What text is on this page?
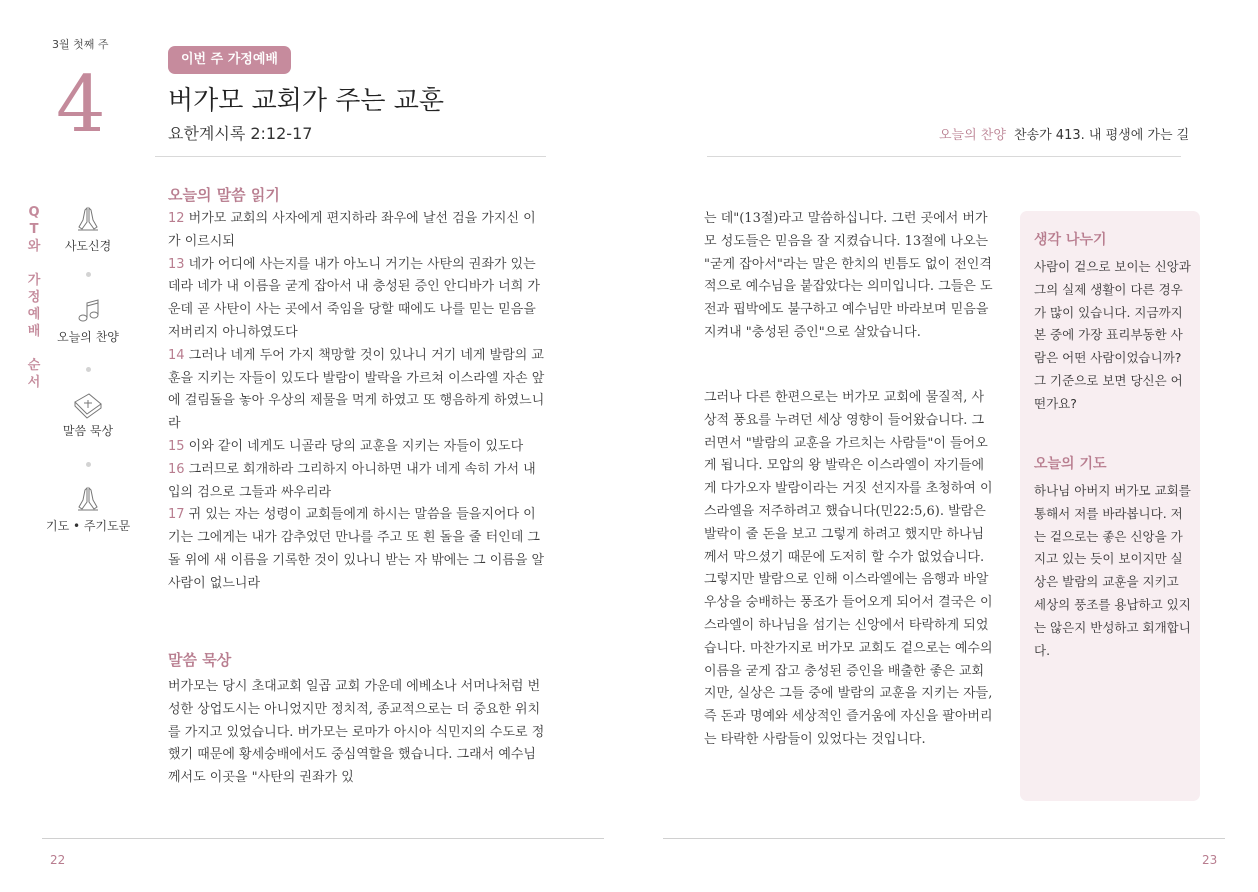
3월 첫째 주
4
이번 주 가정예배
버가모 교회가 주는 교훈
요한계시록 2:12-17
Q
T
와
가
정
예
배
순
서
사도신경
오늘의 찬양
말씀 묵상
기도 • 주기도문
오늘의 말씀 읽기

12 버가모 교회의 사자에게 편지하라 좌우에 날선 검을 가지신 이가 이르시되

13 네가 어디에 사는지를 내가 아노니 거기는 사탄의 권좌가 있는 데라 네가 내 이름을 굳게 잡아서 내 충성된 증인 안디바가 너희 가운데 곧 사탄이 사는 곳에서 죽임을 당할 때에도 나를 믿는 믿음을 저버리지 아니하였도다

14 그러나 네게 두어 가지 책망할 것이 있나니 거기 네게 발람의 교훈을 지키는 자들이 있도다 발람이 발락을 가르쳐 이스라엘 자손 앞에 걸림돌을 놓아 우상의 제물을 먹게 하였고 또 행음하게 하였느니라

15 이와 같이 네게도 니골라 당의 교훈을 지키는 자들이 있도다

16 그러므로 회개하라 그리하지 아니하면 내가 네게 속히 가서 내 입의 검으로 그들과 싸우리라

17 귀 있는 자는 성령이 교회들에게 하시는 말씀을 들을지어다 이기는 그에게는 내가 감추었던 만나를 주고 또 흰 돌을 줄 터인데 그 돌 위에 새 이름을 기록한 것이 있나니 받는 자 밖에는 그 이름을 알 사람이 없느니라

말씀 묵상

버가모는 당시 초대교회 일곱 교회 가운데 에베소나 서머나처럼 번성한 상업도시는 아니었지만 정치적, 종교적으로는 더 중요한 위치를 가지고 있었습니다. 버가모는 로마가 아시아 식민지의 수도로 정했기 때문에 황세숭배에서도 중심역할을 했습니다. 그래서 예수님께서도 이곳을 "사탄의 권좌가 있

오늘의 찬양 찬송가 413. 내 평생에 가는 길

는 데"(13절)라고 말씀하십니다. 그런 곳에서 버가모 성도들은 믿음을 잘 지켰습니다. 13절에 나오는 "굳게 잡아서"라는 말은 한치의 빈틈도 없이 전인격적으로 예수님을 붙잡았다는 의미입니다. 그들은 도전과 핍박에도 불구하고 예수님만 바라보며 믿음을 지켜내 "충성된 증인"으로 살았습니다.

그러나 다른 한편으로는 버가모 교회에 물질적, 사상적 풍요를 누려던 세상 영향이 들어왔습니다. 그러면서 "발람의 교훈을 가르치는 사람들"이 들어오게 됩니다. 모압의 왕 발락은 이스라엘이 자기들에게 다가오자 발람이라는 거짓 선지자를 초청하여 이스라엘을 저주하려고 했습니다(민22:5,6). 발람은 발락이 줄 돈을 보고 그렇게 하려고 했지만 하나님께서 막으셨기 때문에 도저히 할 수가 없었습니다. 그렇지만 발람으로 인해 이스라엘에는 음행과 바알 우상을 숭배하는 풍조가 들어오게 되어서 결국은 이스라엘이 하나님을 섬기는 신앙에서 타락하게 되었습니다. 마찬가지로 버가모 교회도 겉으로는 예수의 이름을 굳게 잡고 충성된 증인을 배출한 좋은 교회지만, 실상은 그들 중에 발람의 교훈을 지키는 자들, 즉 돈과 명예와 세상적인 즐거움에 자신을 팔아버리는 타락한 사람들이 있었다는 것입니다.

생각 나누기

사람이 겉으로 보이는 신앙과 그의 실제 생활이 다른 경우가 많이 있습니다. 지금까지 본 중에 가장 표리부동한 사람은 어떤 사람이었습니까? 그 기준으로 보면 당신은 어떤가요?

오늘의 기도

하나님 아버지 버가모 교회를 통해서 저를 바라봅니다. 저는 겉으로는 좋은 신앙을 가지고 있는 듯이 보이지만 실상은 발람의 교훈을 지키고 세상의 풍조를 용납하고 있지는 않은지 반성하고 회개합니다.

22	23
